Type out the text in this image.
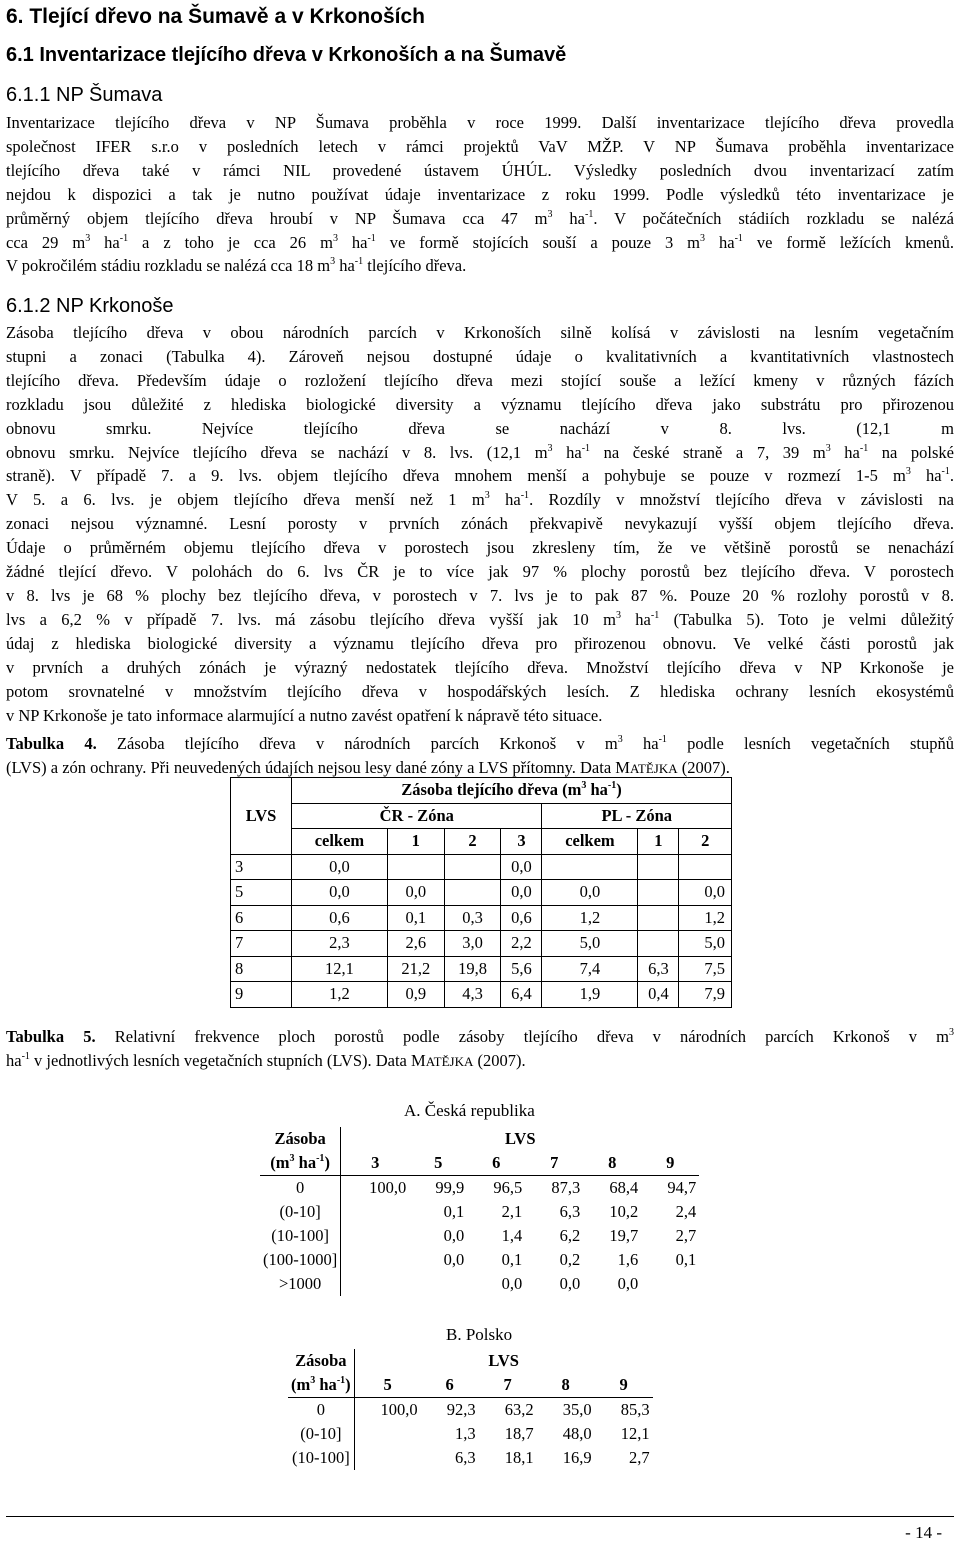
6. Tlející dřevo na Šumavě a v Krkonoších
6.1 Inventarizace tlejícího dřeva v Krkonoších a na Šumavě
6.1.1 NP Šumava
Inventarizace tlejícího dřeva v NP Šumava proběhla v roce 1999. Další inventarizace tlejícího dřeva provedla
společnost IFER s.r.o v posledních letech v rámci projektů VaV MŽP. V NP Šumava proběhla inventarizace
tlejícího dřeva také v rámci NIL provedené ústavem ÚHÚL. Výsledky posledních dvou inventarizací zatím
nejdou k dispozici a tak je nutno používat údaje inventarizace z roku 1999. Podle výsledků této inventarizace je
průměrný objem tlejícího dřeva hroubí v NP Šumava cca 47 $m^3$ $ha^{-1}$. V počátečních stádiích rozkladu se nalézá
cca 29 $m^3$ $ha^{-1}$ a z toho je cca 26 $m^3$ $ha^{-1}$ ve formě stojících souší a pouze 3 $m^3$ $ha^{-1}$ ve formě ležících kmenů.
V pokročilém stádiu rozkladu se nalézá cca 18 $m^3$ $ha^{-1}$ tlejícího dřeva.
6.1.2 NP Krkonoše
Zásoba tlejícího dřeva v obou národních parcích v Krkonoších silně kolísá v závislosti na lesním vegetačním
stupni a zonaci (Tabulka 4). Zároveň nejsou dostupné údaje o kvalitativních a kvantitativních vlastnostech
tlejícího dřeva. Především údaje o rozložení tlejícího dřeva mezi stojící souše a ležící kmeny v různých fázích
rozkladu jsou důležité z hlediska biologické diversity a významu tlejícího dřeva jako substrátu pro přirozenou
obnovu smrku. Nejvíce tlejícího dřeva se nachází v 8. lvs. (12,1 m
obnovu smrku. Nejvíce tlejícího dřeva se nachází v 8. lvs. (12,1 $m^3$ $ha^{-1}$ na české straně a 7, 39 $m^3$ $ha^{-1}$ na polské
straně). V případě 7. a 9. lvs. objem tlejícího dřeva mnohem menší a pohybuje se pouze v rozmezí 1-5 $m^3$ $ha^{-1}$.
V 5. a 6. lvs. je objem tlejícího dřeva menší než 1 $m^3$ $ha^{-1}$. Rozdíly v množství tlejícího dřeva v závislosti na
zonaci nejsou významné. Lesní porosty v prvních zónách překvapivě nevykazují vyšší objem tlejícího dřeva.
Údaje o průměrném objemu tlejícího dřeva v porostech jsou zkresleny tím, že ve většině porostů se nenachází
žádné tlející dřevo. V polohách do 6. lvs ČR je to více jak 97 % plochy porostů bez tlejícího dřeva. V porostech
v 8. lvs je 68 % plochy bez tlejícího dřeva, v porostech v 7. lvs je to pak 87 %. Pouze 20 % rozlohy porostů v 8.
lvs a 6,2 % v případě 7. lvs. má zásobu tlejícího dřeva vyšší jak 10 $m^3$ $ha^{-1}$ (Tabulka 5). Toto je velmi důležitý
údaj z hlediska biologické diversity a významu tlejícího dřeva pro přirozenou obnovu. Ve velké části porostů jak
v prvních a druhých zónách je výrazný nedostatek tlejícího dřeva. Množství tlejícího dřeva v NP Krkonoše je
potom srovnatelné v množstvím tlejícího dřeva v hospodářských lesích. Z hlediska ochrany lesních ekosystémů
v NP Krkonoše je tato informace alarmující a nutno zavést opatření k nápravě této situace.
Tabulka 4. Zásoba tlejícího dřeva v národních parcích Krkonoš v $m^3$ $ha^{-1}$ podle lesních vegetačních stupňů
(LVS) a zón ochrany. Při neuvedených údajích nejsou lesy dané zóny a LVS přítomny. Data MATĚJKA (2007).
LVS	Zásoba tlejícího dřeva ($m^3$ $ha^{-1}$)						
	ČR - Zóna				PL - Zóna		
	celkem	1	2	3	celkem	1	2
3	0,0			0,0			
5	0,0	0,0		0,0	0,0		0,0
6	0,6	0,1	0,3	0,6	1,2		1,2
7	2,3	2,6	3,0	2,2	5,0		5,0
8	12,1	21,2	19,8	5,6	7,4	6,3	7,5
9	1,2	0,9	4,3	6,4	1,9	0,4	7,9
Tabulka 5. Relativní frekvence ploch porostů podle zásoby tlejícího dřeva v národních parcích Krkonoš v $m^3$
$ha^{-1}$ v jednotlivých lesních vegetačních stupních (LVS). Data MATĚJKA (2007).
A. Česká republika
Zásoba	LVS					
($m^3$ $ha^{-1}$)	3	5	6	7	8	9
0	100,0	99,9	96,5	87,3	68,4	94,7
(0-10]		0,1	2,1	6,3	10,2	2,4
(10-100]		0,0	1,4	6,2	19,7	2,7
(100-1000]		0,0	0,1	0,2	1,6	0,1
>1000			0,0	0,0	0,0	
B. Polsko
Zásoba	LVS				
($m^3$ $ha^{-1}$)	5	6	7	8	9
0	100,0	92,3	63,2	35,0	85,3
(0-10]		1,3	18,7	48,0	12,1
(10-100]		6,3	18,1	16,9	2,7
- 14 -
